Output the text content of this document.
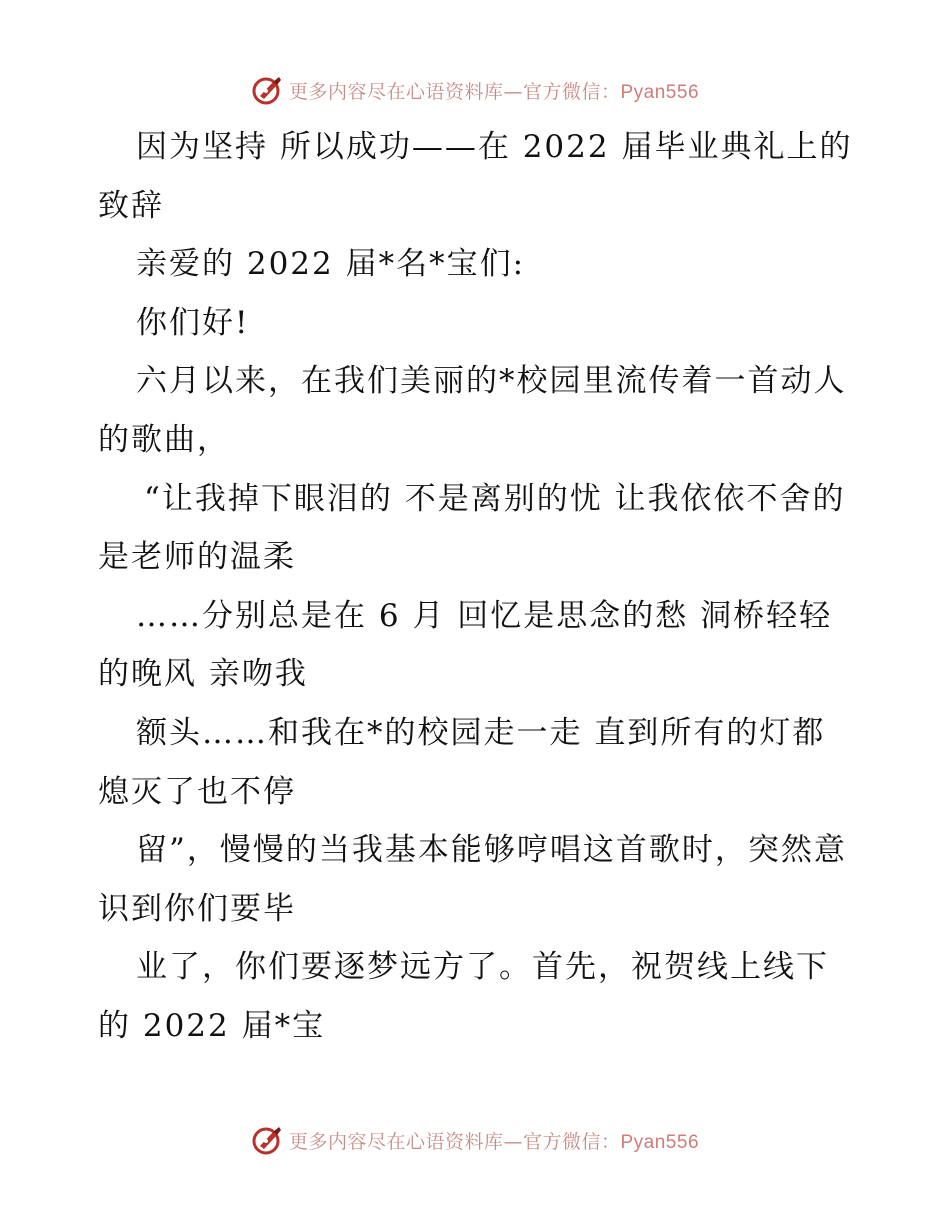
更多内容尽在心语资料库—官方微信：Pyan556

因为坚持 所以成功——在 2022 届毕业典礼上的致辞

亲爱的 2022 届*名*宝们:

你们好!

六月以来，在我们美丽的*校园里流传着一首动人的歌曲，

“让我掉下眼泪的 不是离别的忧 让我依依不舍的 是老师的温柔

……分别总是在 6 月 回忆是思念的愁 洞桥轻轻的晚风 亲吻我

额头……和我在*的校园走一走 直到所有的灯都熄灭了也不停

留”，慢慢的当我基本能够哼唱这首歌时，突然意识到你们要毕

业了，你们要逐梦远方了。首先，祝贺线上线下的 2022 届*宝

更多内容尽在心语资料库—官方微信：Pyan556
